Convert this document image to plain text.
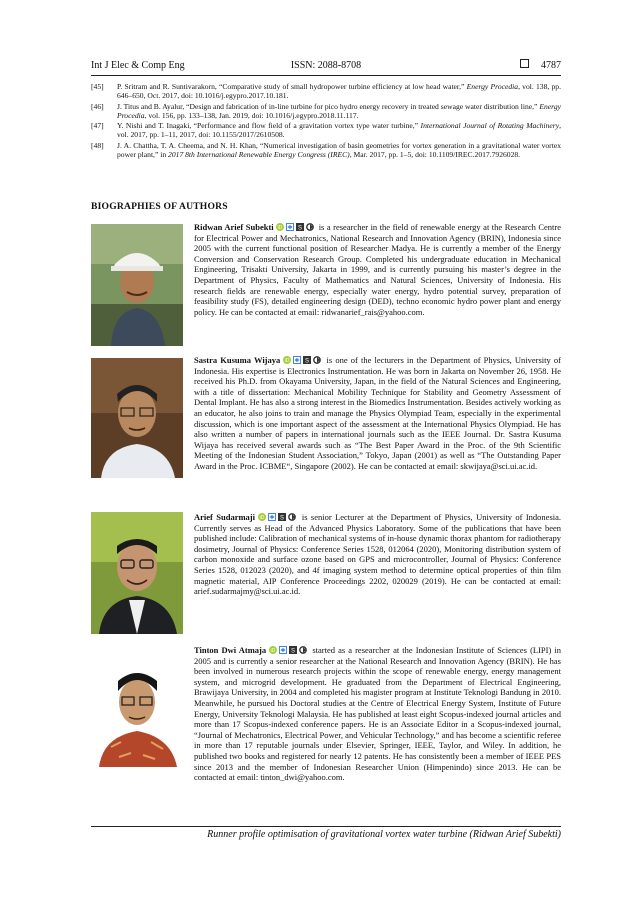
Int J Elec & Comp Eng	ISSN: 2088-8708	4787
[45] P. Sritram and R. Suntivarakorn, “Comparative study of small hydropower turbine efficiency at low head water,” Energy Procedia, vol. 138, pp. 646–650, Oct. 2017, doi: 10.1016/j.egypro.2017.10.181.
[46] J. Titus and B. Ayalur, “Design and fabrication of in-line turbine for pico hydro energy recovery in treated sewage water distribution line,” Energy Procedia, vol. 156, pp. 133–138, Jan. 2019, doi: 10.1016/j.egypro.2018.11.117.
[47] Y. Nishi and T. Inagaki, “Performance and flow field of a gravitation vortex type water turbine,” International Journal of Rotating Machinery, vol. 2017, pp. 1–11, 2017, doi: 10.1155/2017/2610508.
[48] J. A. Chattha, T. A. Cheema, and N. H. Khan, “Numerical investigation of basin geometries for vortex generation in a gravitational water vortex power plant,” in 2017 8th International Renewable Energy Congress (IREC), Mar. 2017, pp. 1–5, doi: 10.1109/IREC.2017.7926028.
BIOGRAPHIES OF AUTHORS
Ridwan Arief Subekti iD	S is a researcher in the field of renewable energy at the Research Centre for Electrical Power and Mechatronics, National Research and Innovation Agency (BRIN), Indonesia since 2005 with the current functional position of Researcher Madya. He is currently a member of the Energy Conversion and Conservation Research Group. Completed his undergraduate education in Mechanical Engineering, Trisakti University, Jakarta in 1999, and is currently pursuing his master’s degree in the Department of Physics, Faculty of Mathematics and Natural Sciences, University of Indonesia. His research fields are renewable energy, especially water energy, hydro potential survey, preparation of feasibility study (FS), detailed engineering design (DED), techno economic hydro power plant and energy policy. He can be contacted at email: ridwanarief_rais@yahoo.com.
Sastra Kusuma Wijaya iD	S is one of the lecturers in the Department of Physics, University of Indonesia. His expertise is Electronics Instrumentation. He was born in Jakarta on November 26, 1958. He received his Ph.D. from Okayama University, Japan, in the field of the Natural Sciences and Engineering, with a title of dissertation: Mechanical Mobility Technique for Stability and Geometry Assessment of Dental Implant. He has also a strong interest in the Biomedics Instrumentation. Besides actively working as an educator, he also joins to train and manage the Physics Olympiad Team, especially in the experimental discussion, which is one important aspect of the assessment at the International Physics Olympiad. He has also written a number of papers in international journals such as the IEEE Journal. Dr. Sastra Kusuma Wijaya has received several awards such as “The Best Paper Award in the Proc. of the 9th Scientific Meeting of the Indonesian Student Association,” Tokyo, Japan (2001) as well as “The Outstanding Paper Award in the Proc. ICBME“, Singapore (2002). He can be contacted at email: skwijaya@sci.ui.ac.id.
Arief Sudarmaji iD	S is senior Lecturer at the Department of Physics, University of Indonesia. Currently serves as Head of the Advanced Physics Laboratory. Some of the publications that have been published include: Calibration of mechanical systems of in-house dynamic thorax phantom for radiotherapy dosimetry, Journal of Physics: Conference Series 1528, 012064 (2020), Monitoring distribution system of carbon monoxide and surface ozone based on GPS and microcontroller, Journal of Physics: Conference Series 1528, 012023 (2020), and 4f imaging system method to determine optical properties of thin film magnetic material, AIP Conference Proceedings 2202, 020029 (2019). He can be contacted at email: arief.sudarmajmy@sci.ui.ac.id.
Tinton Dwi Atmaja iD	S started as a researcher at the Indonesian Institute of Sciences (LIPI) in 2005 and is currently a senior researcher at the National Research and Innovation Agency (BRIN). He has been involved in numerous research projects within the scope of renewable energy, energy management system, and microgrid development. He graduated from the Department of Electrical Engineering, Brawijaya University, in 2004 and completed his magister program at Institute Teknologi Bandung in 2010. Meanwhile, he pursued his Doctoral studies at the Centre of Electrical Energy System, Institute of Future Energy, University Teknologi Malaysia. He has published at least eight Scopus-indexed journal articles and more than 17 Scopus-indexed conference papers. He is an Associate Editor in a Scopus-indexed journal, “Journal of Mechatronics, Electrical Power, and Vehicular Technology,” and has become a scientific referee in more than 17 reputable journals under Elsevier, Springer, IEEE, Taylor, and Wiley. In addition, he published two books and registered for nearly 12 patents. He has consistently been a member of IEEE PES since 2013 and the member of Indonesian Researcher Union (Himpenindo) since 2013. He can be contacted at email: tinton_dwi@yahoo.com.
Runner profile optimisation of gravitational vortex water turbine (Ridwan Arief Subekti)
